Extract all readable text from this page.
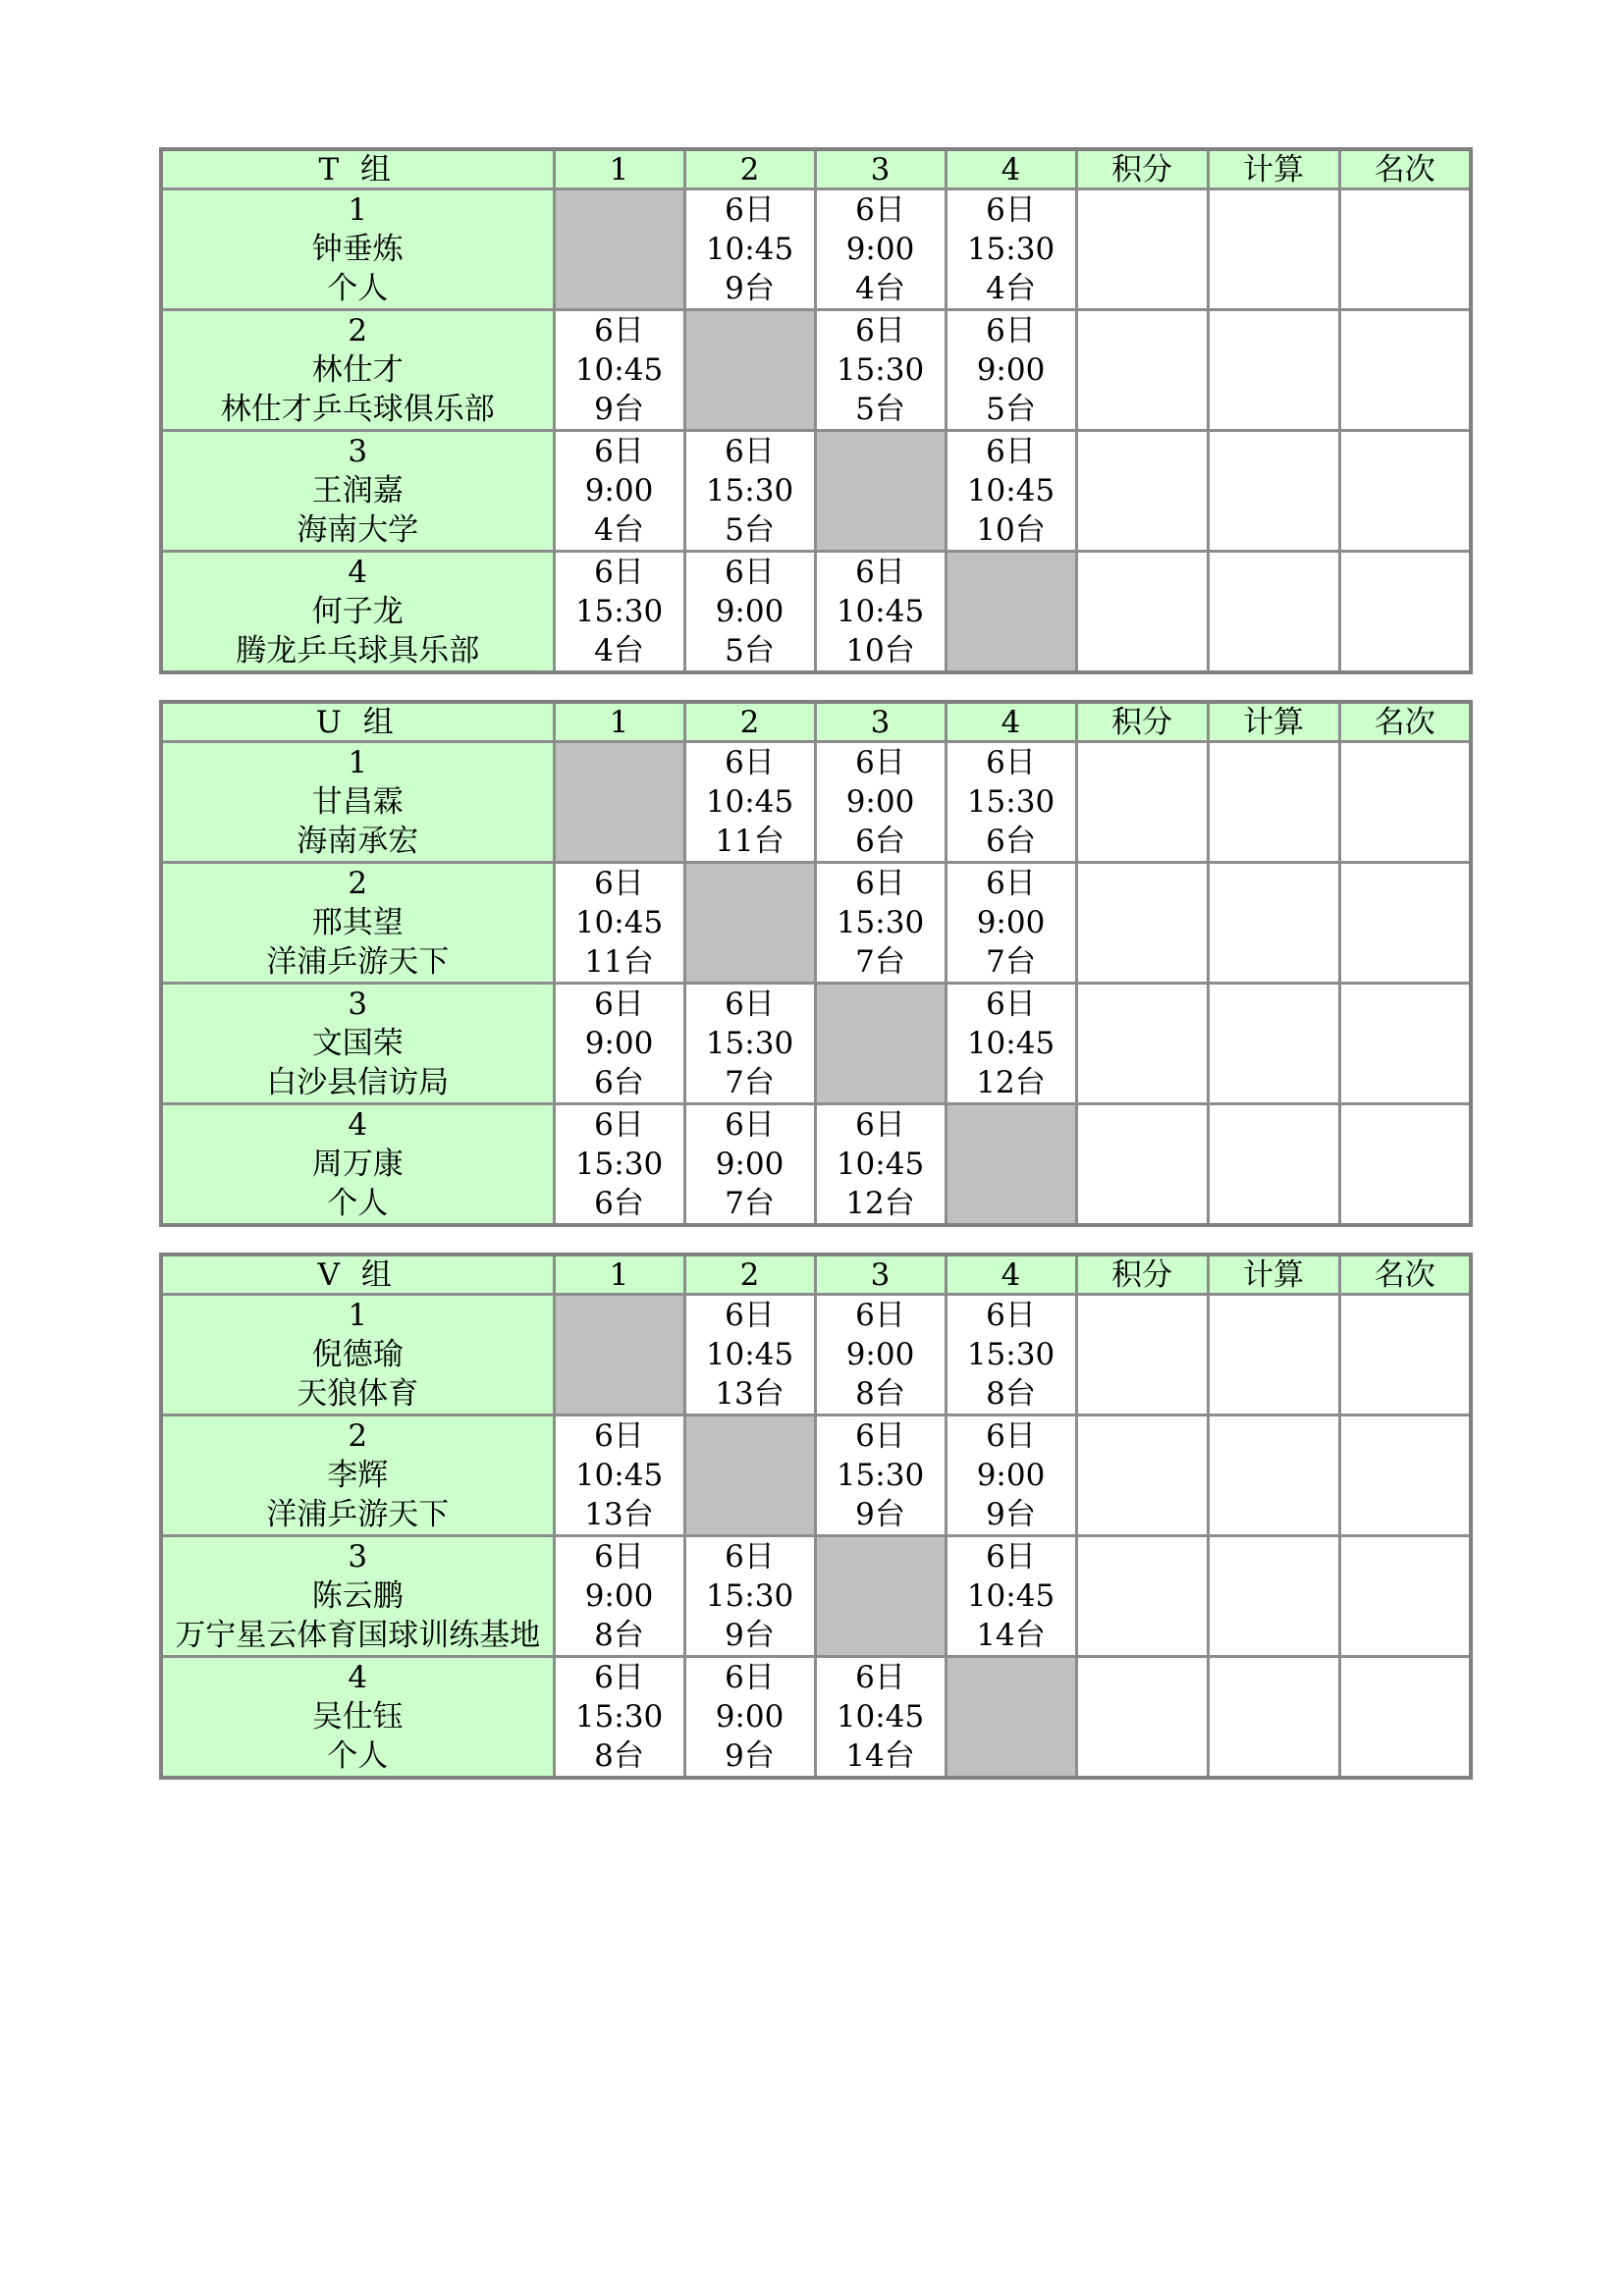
T 组	1	2	3	4	积分	计算	名次

1
钟垂炼
个人		6日
10:45
9台	6日
9:00
4台	6日
15:30
4台			

2
林仕才
林仕才乒乓球俱乐部	6日
10:45
9台		6日
15:30
5台	6日
9:00
5台			

3
王润嘉
海南大学	6日
9:00
4台	6日
15:30
5台		6日
10:45
10台			

4
何子龙
腾龙乒乓球具乐部	6日
15:30
4台	6日
9:00
5台	6日
10:45
10台				

U 组	1	2	3	4	积分	计算	名次

1
甘昌霖
海南承宏		6日
10:45
11台	6日
9:00
6台	6日
15:30
6台			

2
邢其望
洋浦乒游天下	6日
10:45
11台		6日
15:30
7台	6日
9:00
7台			

3
文国荣
白沙县信访局	6日
9:00
6台	6日
15:30
7台		6日
10:45
12台			

4
周万康
个人	6日
15:30
6台	6日
9:00
7台	6日
10:45
12台				

V 组	1	2	3	4	积分	计算	名次

1
倪德瑜
天狼体育		6日
10:45
13台	6日
9:00
8台	6日
15:30
8台			

2
李辉
洋浦乒游天下	6日
10:45
13台		6日
15:30
9台	6日
9:00
9台			

3
陈云鹏
万宁星云体育国球训练基地	6日
9:00
8台	6日
15:30
9台		6日
10:45
14台			

4
吴仕钰
个人	6日
15:30
8台	6日
9:00
9台	6日
10:45
14台				
